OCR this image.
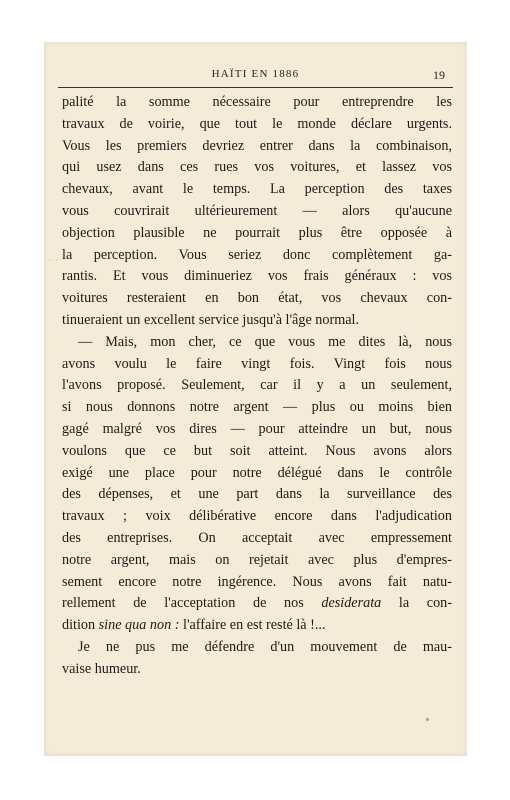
HAÏTI EN 1886	19
·· ·
palité la somme nécessaire pour entreprendre les
travaux de voirie, que tout le monde déclare urgents.
Vous les premiers devriez entrer dans la combinaison,
qui usez dans ces rues vos voitures, et lassez vos
chevaux, avant le temps. La perception des taxes
vous couvrirait ultérieurement — alors qu'aucune
objection plausible ne pourrait plus être opposée à
la perception. Vous seriez donc complètement ga-
rantis. Et vous diminueriez vos frais généraux : vos
voitures resteraient en bon état, vos chevaux con-
tinueraient un excellent service jusqu'à l'âge normal.
— Mais, mon cher, ce que vous me dites là, nous
avons voulu le faire vingt fois. Vingt fois nous
l'avons proposé. Seulement, car il y a un seulement,
si nous donnons notre argent — plus ou moins bien
gagé malgré vos dires — pour atteindre un but, nous
voulons que ce but soit atteint. Nous avons alors
exigé une place pour notre délégué dans le contrôle
des dépenses, et une part dans la surveillance des
travaux ; voix délibérative encore dans l'adjudication
des entreprises. On acceptait avec empressement
notre argent, mais on rejetait avec plus d'empres-
sement encore notre ingérence. Nous avons fait natu-
rellement de l'acceptation de nos desiderata la con-
dition sine qua non : l'affaire en est resté là !...
Je ne pus me défendre d'un mouvement de mau-
vaise humeur.
